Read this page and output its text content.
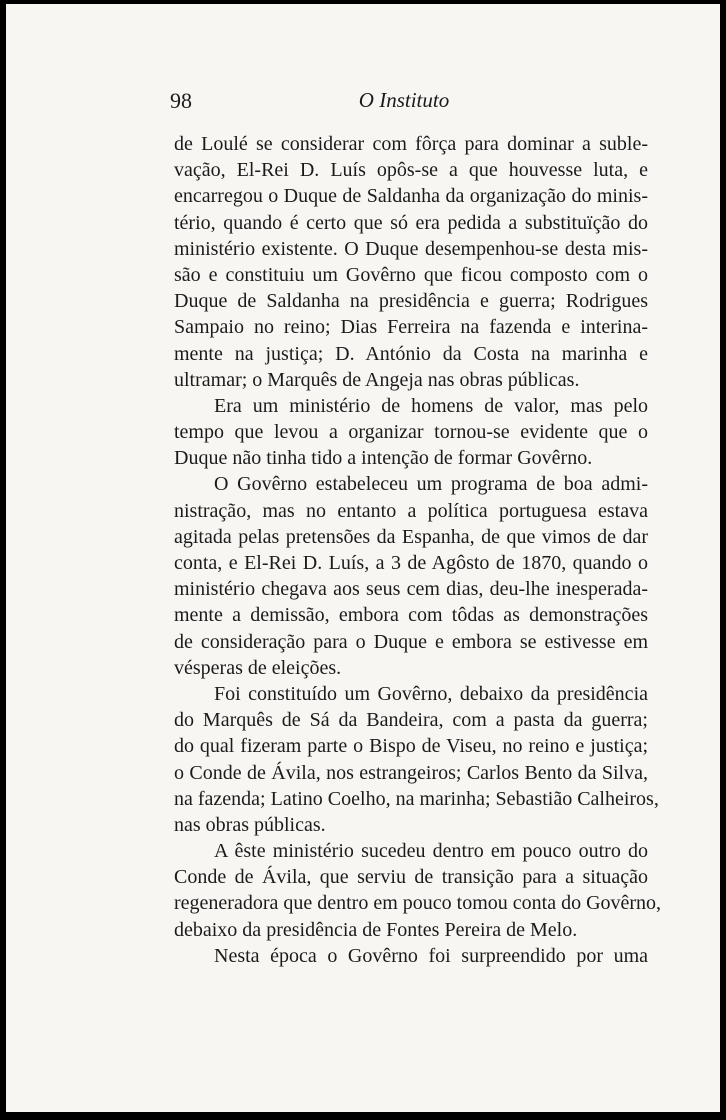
98	O Instituto
de Loulé se considerar com fôrça para dominar a suble-
vação, El-Rei D. Luís opôs-se a que houvesse luta, e
encarregou o Duque de Saldanha da organização do minis-
tério, quando é certo que só era pedida a substituïção do
ministério existente. O Duque desempenhou-se desta mis-
são e constituiu um Govêrno que ficou composto com o
Duque de Saldanha na presidência e guerra; Rodrigues
Sampaio no reino; Dias Ferreira na fazenda e interina-
mente na justiça; D. António da Costa na marinha e
ultramar; o Marquês de Angeja nas obras públicas.
Era um ministério de homens de valor, mas pelo
tempo que levou a organizar tornou-se evidente que o
Duque não tinha tido a intenção de formar Govêrno.
O Govêrno estabeleceu um programa de boa admi-
nistração, mas no entanto a política portuguesa estava
agitada pelas pretensões da Espanha, de que vimos de dar
conta, e El-Rei D. Luís, a 3 de Agôsto de 1870, quando o
ministério chegava aos seus cem dias, deu-lhe inesperada-
mente a demissão, embora com tôdas as demonstrações
de consideração para o Duque e embora se estivesse em
vésperas de eleições.
Foi constituído um Govêrno, debaixo da presidência
do Marquês de Sá da Bandeira, com a pasta da guerra;
do qual fizeram parte o Bispo de Viseu, no reino e justiça;
o Conde de Ávila, nos estrangeiros; Carlos Bento da Silva,
na fazenda; Latino Coelho, na marinha; Sebastião Calheiros,
nas obras públicas.
A êste ministério sucedeu dentro em pouco outro do
Conde de Ávila, que serviu de transição para a situação
regeneradora que dentro em pouco tomou conta do Govêrno,
debaixo da presidência de Fontes Pereira de Melo.
Nesta época o Govêrno foi surpreendido por uma
